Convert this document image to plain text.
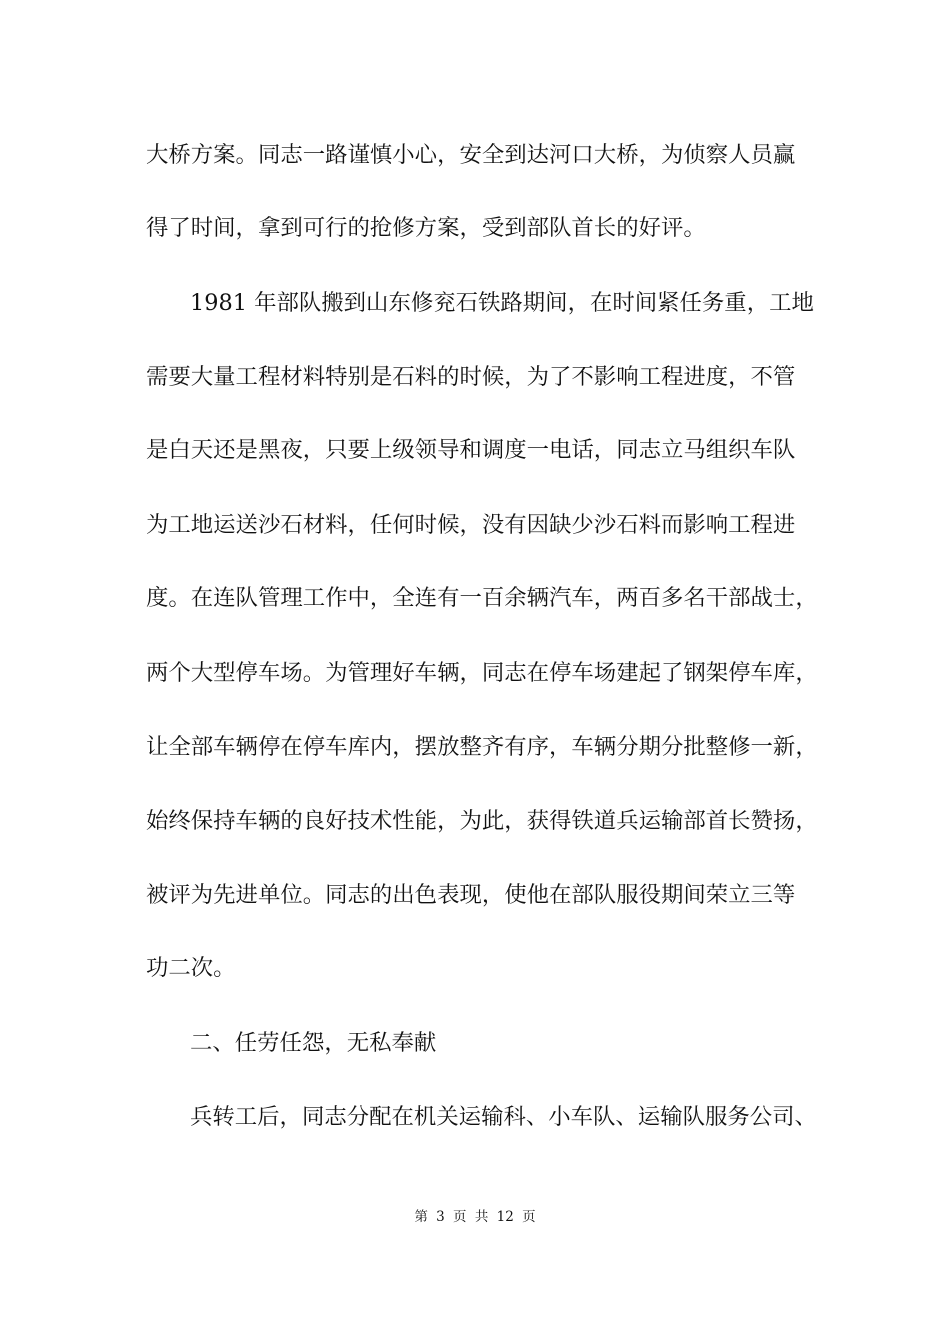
大桥方案。同志一路谨慎小心，安全到达河口大桥，为侦察人员赢
得了时间，拿到可行的抢修方案，受到部队首长的好评。
1981 年部队搬到山东修兖石铁路期间，在时间紧任务重，工地
需要大量工程材料特别是石料的时候，为了不影响工程进度，不管
是白天还是黑夜，只要上级领导和调度一电话，同志立马组织车队
为工地运送沙石材料，任何时候，没有因缺少沙石料而影响工程进
度。在连队管理工作中，全连有一百余辆汽车，两百多名干部战士，
两个大型停车场。为管理好车辆，同志在停车场建起了钢架停车库，
让全部车辆停在停车库内，摆放整齐有序，车辆分期分批整修一新，
始终保持车辆的良好技术性能，为此，获得铁道兵运输部首长赞扬，
被评为先进单位。同志的出色表现，使他在部队服役期间荣立三等
功二次。
二、任劳任怨，无私奉献
兵转工后，同志分配在机关运输科、小车队、运输队服务公司、
第 3 页 共 12 页
